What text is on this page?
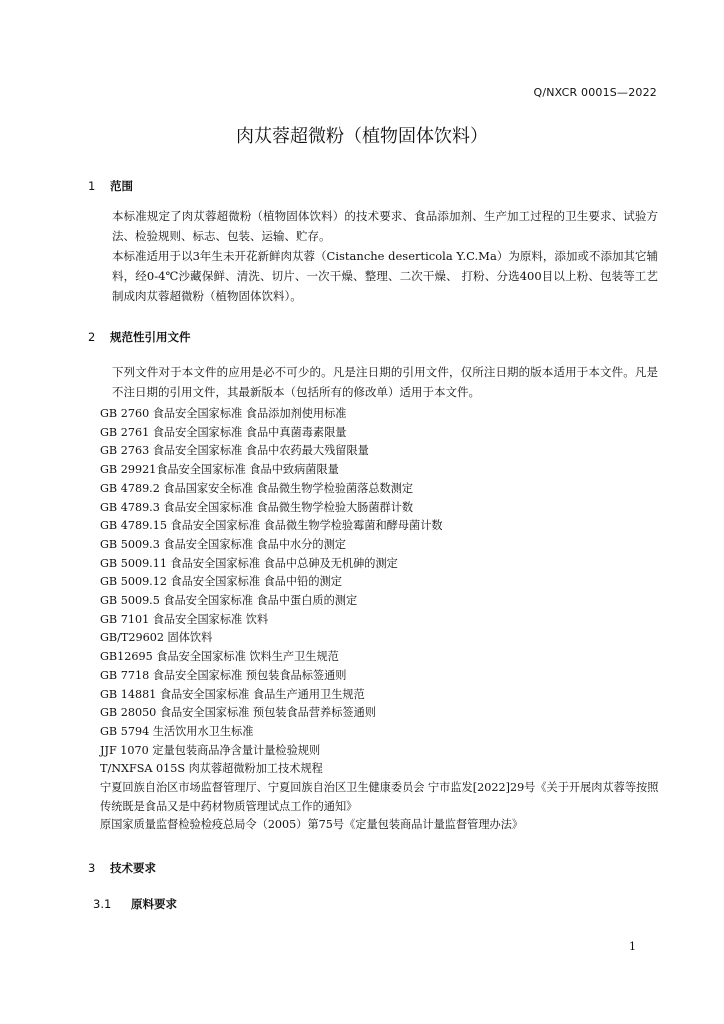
Q/NXCR 0001S—2022
肉苁蓉超微粉（植物固体饮料）
1 范围

本标准规定了肉苁蓉超微粉（植物固体饮料）的技术要求、食品添加剂、生产加工过程的卫生要求、试验方法、检验规则、标志、包装、运输、贮存。

本标准适用于以3年生未开花新鲜肉苁蓉（Cistanche deserticola Y.C.Ma）为原料，添加或不添加其它辅料，经0-4℃沙藏保鲜、清洗、切片、一次干燥、整理、二次干燥、 打粉、分选400目以上粉、包装等工艺制成肉苁蓉超微粉（植物固体饮料）。

2 规范性引用文件

下列文件对于本文件的应用是必不可少的。凡是注日期的引用文件，仅所注日期的版本适用于本文件。凡是不注日期的引用文件，其最新版本（包括所有的修改单）适用于本文件。

GB 2760 食品安全国家标准 食品添加剂使用标准
GB 2761 食品安全国家标准 食品中真菌毒素限量
GB 2763 食品安全国家标准 食品中农药最大残留限量
GB 29921食品安全国家标准 食品中致病菌限量
GB 4789.2 食品国家安全标准 食品微生物学检验菌落总数测定
GB 4789.3 食品安全国家标准 食品微生物学检验大肠菌群计数
GB 4789.15 食品安全国家标准 食品微生物学检验霉菌和酵母菌计数
GB 5009.3 食品安全国家标准 食品中水分的测定
GB 5009.11 食品安全国家标准 食品中总砷及无机砷的测定
GB 5009.12 食品安全国家标准 食品中铅的测定
GB 5009.5 食品安全国家标准 食品中蛋白质的测定
GB 7101 食品安全国家标准 饮料
GB/T29602 固体饮料
GB12695 食品安全国家标准 饮料生产卫生规范
GB 7718 食品安全国家标准 预包装食品标签通则
GB 14881 食品安全国家标准 食品生产通用卫生规范
GB 28050 食品安全国家标准 预包装食品营养标签通则
GB 5794 生活饮用水卫生标准
JJF 1070 定量包装商品净含量计量检验规则
T/NXFSA 015S 肉苁蓉超微粉加工技术规程
宁夏回族自治区市场监督管理厅、宁夏回族自治区卫生健康委员会 宁市监发[2022]29号《关于开展肉苁蓉等按照传统既是食品又是中药材物质管理试点工作的通知》
原国家质量监督检验检疫总局令（2005）第75号《定量包装商品计量监督管理办法》
3 技术要求
3.1 原料要求
1
